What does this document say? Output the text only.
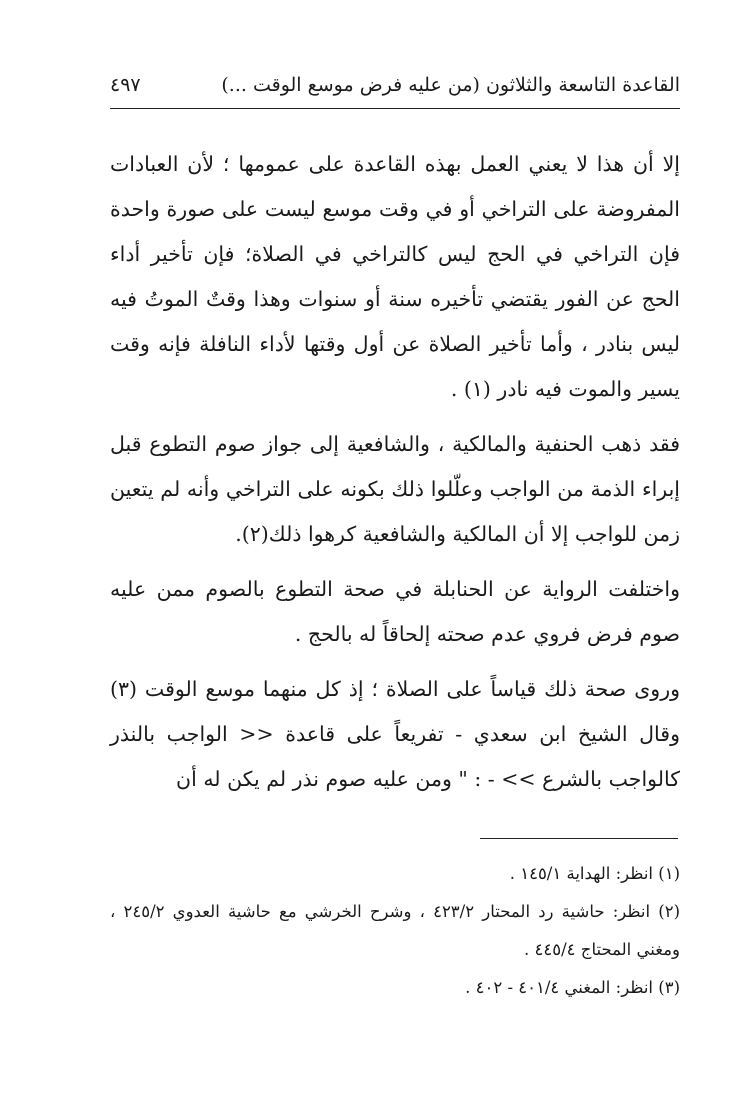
القاعدة التاسعة والثلاثون (من عليه فرض موسع الوقت ...)
٤٩٧

إلا أن هذا لا يعني العمل بهذه القاعدة على عمومها ؛ لأن العبادات المفروضة على التراخي أو في وقت موسع ليست على صورة واحدة فإن التراخي في الحج ليس كالتراخي في الصلاة؛ فإن تأخير أداء الحج عن الفور يقتضي تأخيره سنة أو سنوات وهذا وقتٌ الموتُ فيه ليس بنادر ، وأما تأخير الصلاة عن أول وقتها لأداء النافلة فإنه وقت يسير والموت فيه نادر (١) .

فقد ذهب الحنفية والمالكية ، والشافعية إلى جواز صوم التطوع قبل إبراء الذمة من الواجب وعلّلوا ذلك بكونه على التراخي وأنه لم يتعين زمن للواجب إلا أن المالكية والشافعية كرهوا ذلك(٢).

واختلفت الرواية عن الحنابلة في صحة التطوع بالصوم ممن عليه صوم فرض فروي عدم صحته إلحاقاً له بالحج .

وروى صحة ذلك قياساً على الصلاة ؛ إذ كل منهما موسع الوقت (٣) وقال الشيخ ابن سعدي - تفريعاً على قاعدة << الواجب بالنذر كالواجب بالشرع >> - : " ومن عليه صوم نذر لم يكن له أن

(١) انظر: الهداية ١٤٥/١ .

(٢) انظر: حاشية رد المحتار ٤٢٣/٢ ، وشرح الخرشي مع حاشية العدوي ٢٤٥/٢ ، ومغني المحتاج ٤٤٥/٤ .

(٣) انظر: المغني ٤٠١/٤ - ٤٠٢ .
